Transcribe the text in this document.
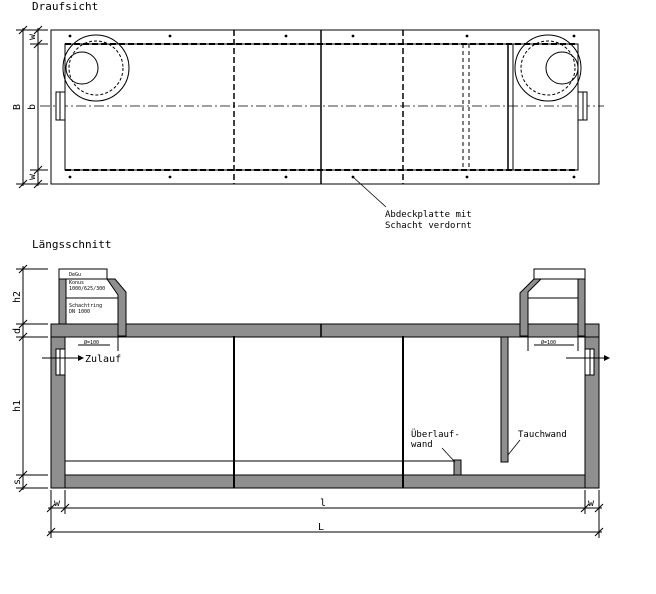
Draufsicht
w
B b
w
Abdeckplatte mit
Schacht verdornt
Längsschnitt
DeGu
Konus
1000/625/300
Schachtring
DN 1000
Ø=100
Zulauf
Ø=100
Überlauf-
wand
Tauchwand
h2
d
h1
s
w	l	w
L
